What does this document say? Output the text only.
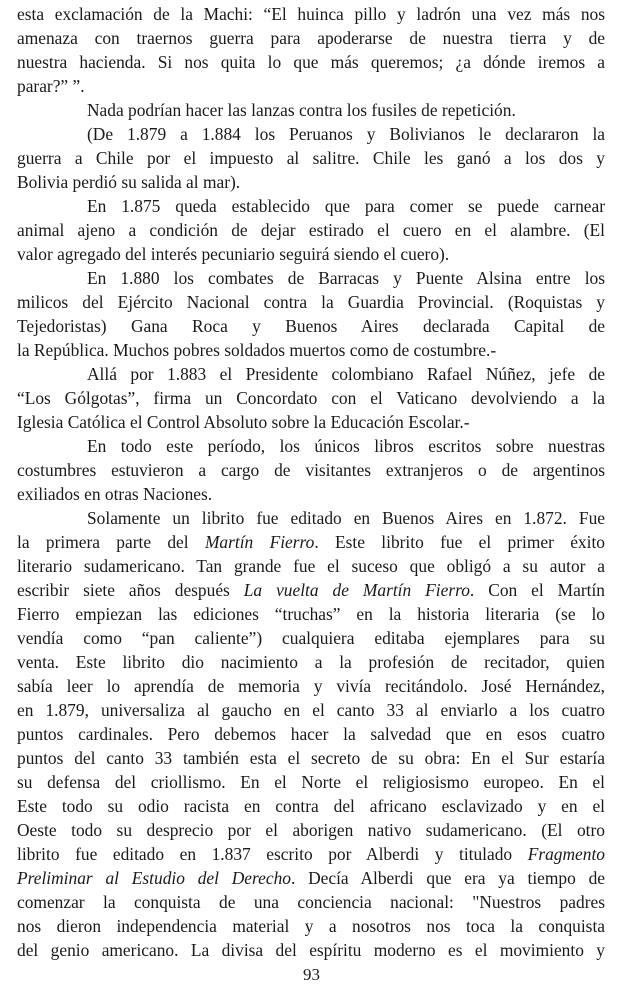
esta exclamación de la Machi: “El huinca pillo y ladrón una vez más nos
amenaza con traernos guerra para apoderarse de nuestra tierra y de
nuestra hacienda. Si nos quita lo que más queremos; ¿a dónde iremos a
parar?” ”.
Nada podrían hacer las lanzas contra los fusiles de repetición.
(De 1.879 a 1.884 los Peruanos y Bolivianos le declararon la
guerra a Chile por el impuesto al salitre. Chile les ganó a los dos y
Bolivia perdió su salida al mar).
En 1.875 queda establecido que para comer se puede carnear
animal ajeno a condición de dejar estirado el cuero en el alambre. (El
valor agregado del interés pecuniario seguirá siendo el cuero).
En 1.880 los combates de Barracas y Puente Alsina entre los
milicos del Ejército Nacional contra la Guardia Provincial. (Roquistas y
Tejedoristas) Gana Roca y Buenos Aires declarada Capital de
la República. Muchos pobres soldados muertos como de costumbre.-
Allá por 1.883 el Presidente colombiano Rafael Núñez, jefe de
“Los Gólgotas”, firma un Concordato con el Vaticano devolviendo a la
Iglesia Católica el Control Absoluto sobre la Educación Escolar.-
En todo este período, los únicos libros escritos sobre nuestras
costumbres estuvieron a cargo de visitantes extranjeros o de argentinos
exiliados en otras Naciones.
Solamente un librito fue editado en Buenos Aires en 1.872. Fue
la primera parte del Martín Fierro. Este librito fue el primer éxito
literario sudamericano. Tan grande fue el suceso que obligó a su autor a
escribir siete años después La vuelta de Martín Fierro. Con el Martín
Fierro empiezan las ediciones “truchas” en la historia literaria (se lo
vendía como “pan caliente”) cualquiera editaba ejemplares para su
venta. Este librito dio nacimiento a la profesión de recitador, quien
sabía leer lo aprendía de memoria y vivía recitándolo. José Hernández,
en 1.879, universaliza al gaucho en el canto 33 al enviarlo a los cuatro
puntos cardinales. Pero debemos hacer la salvedad que en esos cuatro
puntos del canto 33 también esta el secreto de su obra: En el Sur estaría
su defensa del criollismo. En el Norte el religiosismo europeo. En el
Este todo su odio racista en contra del africano esclavizado y en el
Oeste todo su desprecio por el aborigen nativo sudamericano. (El otro
librito fue editado en 1.837 escrito por Alberdi y titulado Fragmento
Preliminar al Estudio del Derecho. Decía Alberdi que era ya tiempo de
comenzar la conquista de una conciencia nacional: "Nuestros padres
nos dieron independencia material y a nosotros nos toca la conquista
del genio americano. La divisa del espíritu moderno es el movimiento y
93
